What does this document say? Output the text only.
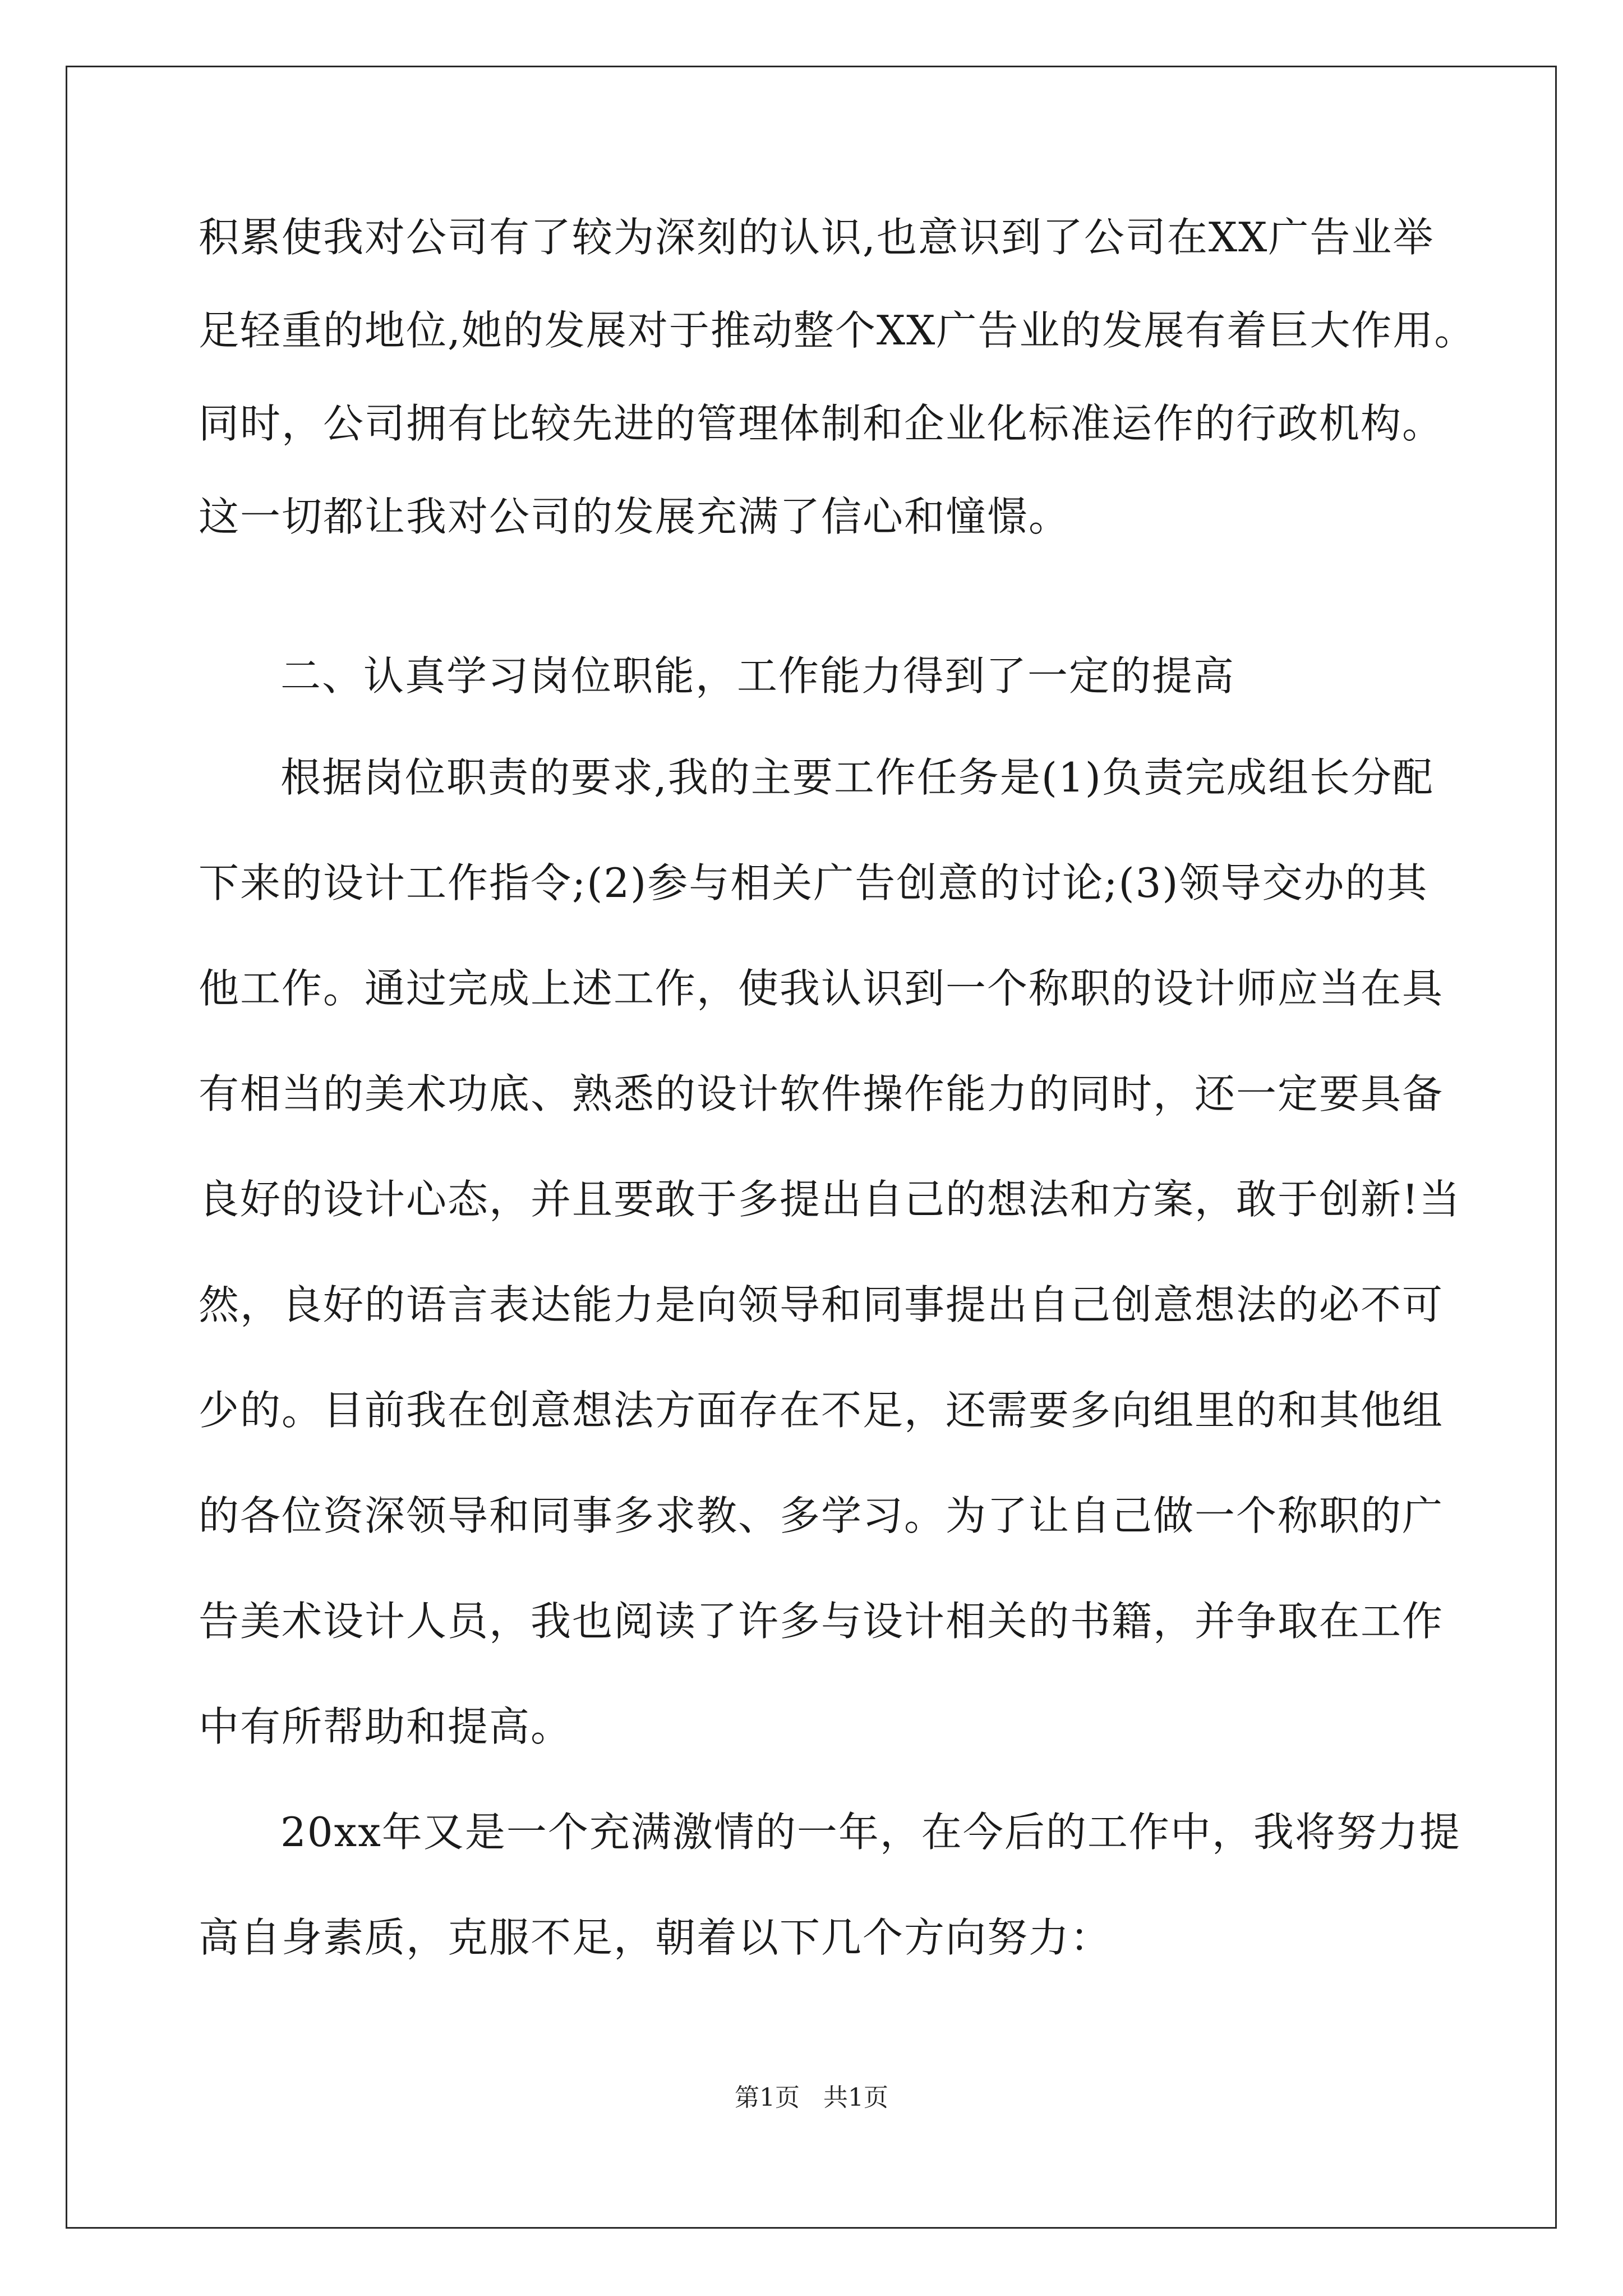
积累使我对公司有了较为深刻的认识,也意识到了公司在XX广告业举
足轻重的地位,她的发展对于推动整个XX广告业的发展有着巨大作用。
同时，公司拥有比较先进的管理体制和企业化标准运作的行政机构。
这一切都让我对公司的发展充满了信心和憧憬。
二、认真学习岗位职能，工作能力得到了一定的提高
根据岗位职责的要求,我的主要工作任务是(1)负责完成组长分配
下来的设计工作指令;(2)参与相关广告创意的讨论;(3)领导交办的其
他工作。通过完成上述工作，使我认识到一个称职的设计师应当在具
有相当的美术功底、熟悉的设计软件操作能力的同时，还一定要具备
良好的设计心态，并且要敢于多提出自己的想法和方案，敢于创新!当
然，良好的语言表达能力是向领导和同事提出自己创意想法的必不可
少的。目前我在创意想法方面存在不足，还需要多向组里的和其他组
的各位资深领导和同事多求教、多学习。为了让自己做一个称职的广
告美术设计人员，我也阅读了许多与设计相关的书籍，并争取在工作
中有所帮助和提高。
20xx年又是一个充满激情的一年，在今后的工作中，我将努力提
高自身素质，克服不足，朝着以下几个方向努力：
第1页   共1页
